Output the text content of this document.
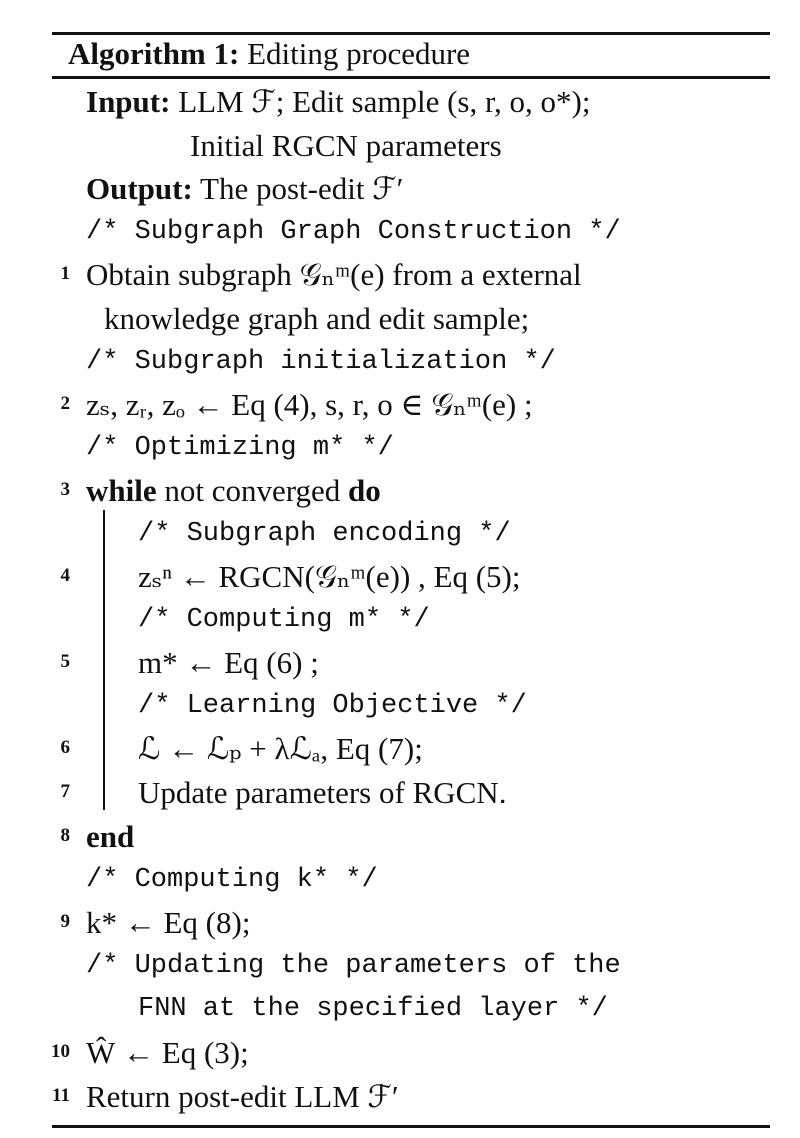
Algorithm 1: Editing procedure
Input: LLM ℱ; Edit sample (s, r, o, o*);
Initial RGCN parameters
Output: The post-edit ℱ′
/* Subgraph Graph Construction */
1 Obtain subgraph 𝒢ₙᵐ(e) from a external
knowledge graph and edit sample;
/* Subgraph initialization */
2 zₛ, zᵣ, zₒ ← Eq (4), s, r, o ∈ 𝒢ₙᵐ(e) ;
/* Optimizing m* */
3 while not converged do
/* Subgraph encoding */
4 zₛⁿ ← RGCN(𝒢ₙᵐ(e)) , Eq (5);
/* Computing m* */
5 m* ← Eq (6) ;
/* Learning Objective */
6 ℒ ← ℒₚ + λℒₐ, Eq (7);
7 Update parameters of RGCN.
8 end
/* Computing k* */
9 k* ← Eq (8);
/* Updating the parameters of the
FNN at the specified layer */
10 Ŵ ← Eq (3);
11 Return post-edit LLM ℱ′
